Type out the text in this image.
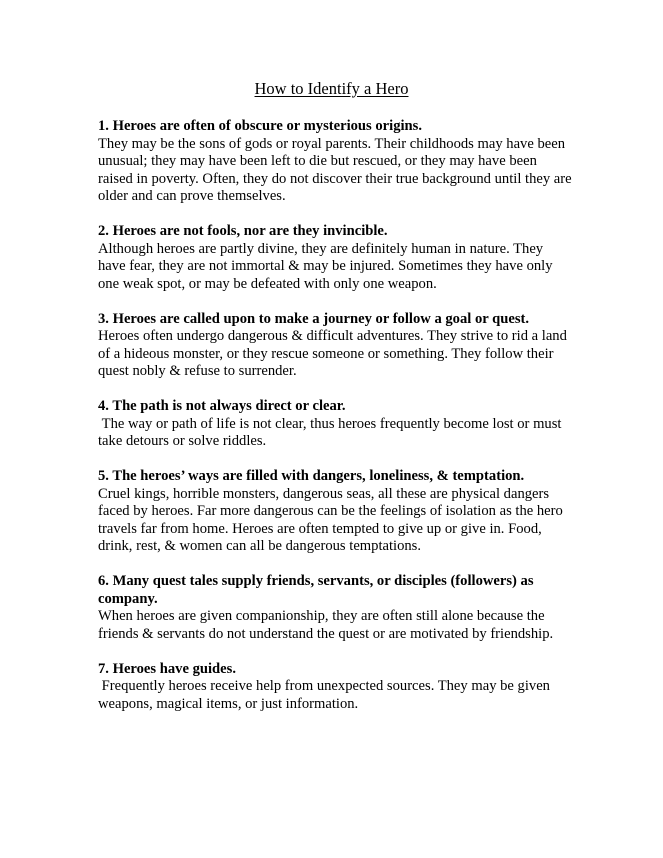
How to Identify a Hero

1. Heroes are often of obscure or mysterious origins.

They may be the sons of gods or royal parents. Their childhoods may have been unusual; they may have been left to die but rescued, or they may have been raised in poverty. Often, they do not discover their true background until they are older and can prove themselves.

2. Heroes are not fools, nor are they invincible.

Although heroes are partly divine, they are definitely human in nature. They have fear, they are not immortal & may be injured. Sometimes they have only one weak spot, or may be defeated with only one weapon.

3. Heroes are called upon to make a journey or follow a goal or quest.

Heroes often undergo dangerous & difficult adventures. They strive to rid a land of a hideous monster, or they rescue someone or something. They follow their quest nobly & refuse to surrender.

4. The path is not always direct or clear.

The way or path of life is not clear, thus heroes frequently become lost or must take detours or solve riddles.

5. The heroes’ ways are filled with dangers, loneliness, & temptation.

Cruel kings, horrible monsters, dangerous seas, all these are physical dangers faced by heroes. Far more dangerous can be the feelings of isolation as the hero travels far from home. Heroes are often tempted to give up or give in. Food, drink, rest, & women can all be dangerous temptations.

6. Many quest tales supply friends, servants, or disciples (followers) as company.

When heroes are given companionship, they are often still alone because the friends & servants do not understand the quest or are motivated by friendship.

7. Heroes have guides.

Frequently heroes receive help from unexpected sources. They may be given weapons, magical items, or just information.
